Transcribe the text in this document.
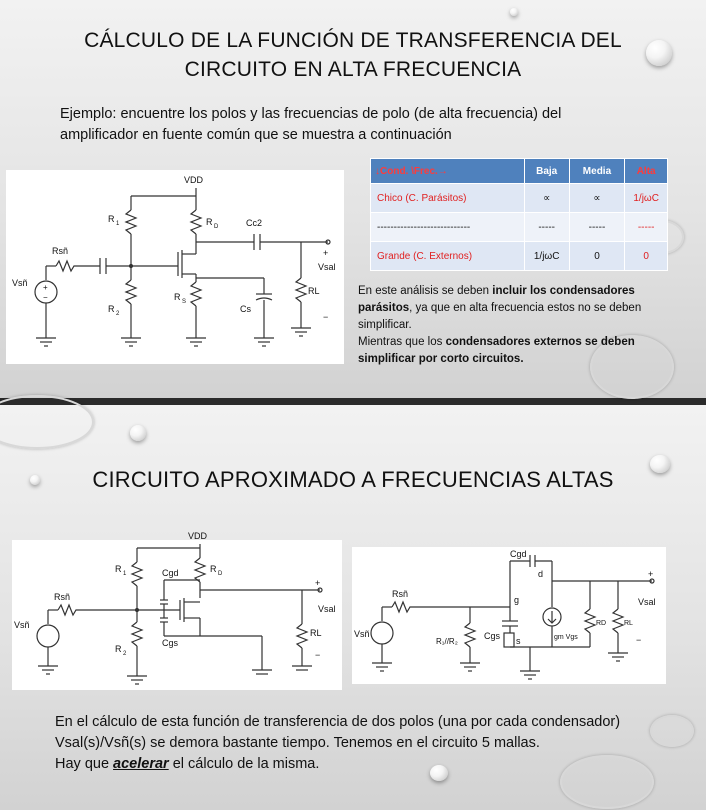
CÁLCULO DE LA FUNCIÓN DE TRANSFERENCIA DEL
CIRCUITO EN ALTA FRECUENCIA
Ejemplo: encuentre los polos y las frecuencias de polo (de alta frecuencia) del
amplificador en fuente común que se muestra a continuación
VDD
R 1
R 2
R D
R S
Cc2
Cs
RL
Rsñ
Vsñ
Vsal
+
−
+
−
↓Cond. \Frec.→	Baja	Media	Alta
Chico (C. Parásitos)	∝	∝	1/jωC
----------------------------	-----	-----	-----
Grande (C. Externos)	1/jωC	0	0
En este análisis se deben incluir los condensadores parásitos, ya que en alta frecuencia estos no se deben simplificar.
Mientras que los condensadores externos se deben simplificar por corto circuitos.
CIRCUITO APROXIMADO A FRECUENCIAS ALTAS
VDD
R 1
R 2
R D
Cgd
Cgs
RL
Rsñ
Vsñ
Vsal
+
−
Cgd
d
g
s
Cgs
Rsñ
Vsñ
R₁//R₂	gm Vgs
RD	RL
Vsal
+
−
En el cálculo de esta función de transferencia de dos polos (una por cada condensador)
Vsal(s)/Vsñ(s) se demora bastante tiempo. Tenemos en el circuito 5 mallas.
Hay que acelerar el cálculo de la misma.
